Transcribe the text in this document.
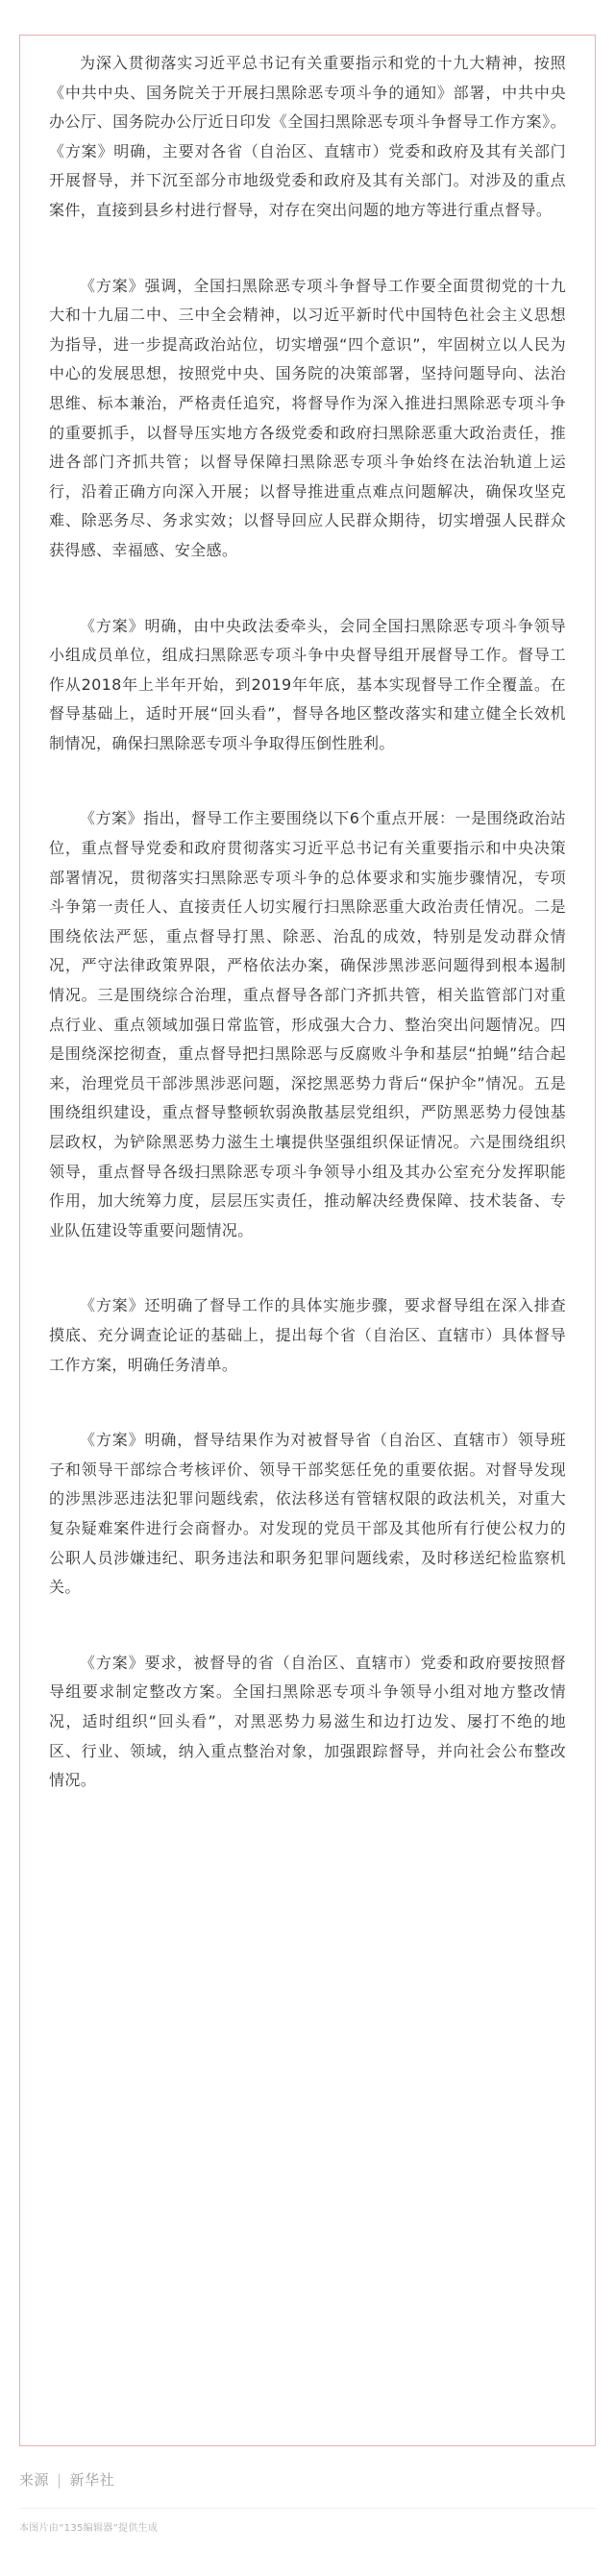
为深入贯彻落实习近平总书记有关重要指示和党的十九大精神，按照《中共中央、国务院关于开展扫黑除恶专项斗争的通知》部署，中共中央办公厅、国务院办公厅近日印发《全国扫黑除恶专项斗争督导工作方案》。《方案》明确，主要对各省（自治区、直辖市）党委和政府及其有关部门开展督导，并下沉至部分市地级党委和政府及其有关部门。对涉及的重点案件，直接到县乡村进行督导，对存在突出问题的地方等进行重点督导。

《方案》强调，全国扫黑除恶专项斗争督导工作要全面贯彻党的十九大和十九届二中、三中全会精神，以习近平新时代中国特色社会主义思想为指导，进一步提高政治站位，切实增强“四个意识”，牢固树立以人民为中心的发展思想，按照党中央、国务院的决策部署，坚持问题导向、法治思维、标本兼治，严格责任追究，将督导作为深入推进扫黑除恶专项斗争的重要抓手，以督导压实地方各级党委和政府扫黑除恶重大政治责任，推进各部门齐抓共管；以督导保障扫黑除恶专项斗争始终在法治轨道上运行，沿着正确方向深入开展；以督导推进重点难点问题解决，确保攻坚克难、除恶务尽、务求实效；以督导回应人民群众期待，切实增强人民群众获得感、幸福感、安全感。

《方案》明确，由中央政法委牵头，会同全国扫黑除恶专项斗争领导小组成员单位，组成扫黑除恶专项斗争中央督导组开展督导工作。督导工作从2018年上半年开始，到2019年年底，基本实现督导工作全覆盖。在督导基础上，适时开展“回头看”，督导各地区整改落实和建立健全长效机制情况，确保扫黑除恶专项斗争取得压倒性胜利。

《方案》指出，督导工作主要围绕以下6个重点开展：一是围绕政治站位，重点督导党委和政府贯彻落实习近平总书记有关重要指示和中央决策部署情况，贯彻落实扫黑除恶专项斗争的总体要求和实施步骤情况，专项斗争第一责任人、直接责任人切实履行扫黑除恶重大政治责任情况。二是围绕依法严惩，重点督导打黑、除恶、治乱的成效，特别是发动群众情况，严守法律政策界限，严格依法办案，确保涉黑涉恶问题得到根本遏制情况。三是围绕综合治理，重点督导各部门齐抓共管，相关监管部门对重点行业、重点领域加强日常监管，形成强大合力、整治突出问题情况。四是围绕深挖彻查，重点督导把扫黑除恶与反腐败斗争和基层“拍蝇”结合起来，治理党员干部涉黑涉恶问题，深挖黑恶势力背后“保护伞”情况。五是围绕组织建设，重点督导整顿软弱涣散基层党组织，严防黑恶势力侵蚀基层政权，为铲除黑恶势力滋生土壤提供坚强组织保证情况。六是围绕组织领导，重点督导各级扫黑除恶专项斗争领导小组及其办公室充分发挥职能作用，加大统筹力度，层层压实责任，推动解决经费保障、技术装备、专业队伍建设等重要问题情况。

《方案》还明确了督导工作的具体实施步骤，要求督导组在深入排查摸底、充分调查论证的基础上，提出每个省（自治区、直辖市）具体督导工作方案，明确任务清单。

《方案》明确，督导结果作为对被督导省（自治区、直辖市）领导班子和领导干部综合考核评价、领导干部奖惩任免的重要依据。对督导发现的涉黑涉恶违法犯罪问题线索，依法移送有管辖权限的政法机关，对重大复杂疑难案件进行会商督办。对发现的党员干部及其他所有行使公权力的公职人员涉嫌违纪、职务违法和职务犯罪问题线索，及时移送纪检监察机关。

《方案》要求，被督导的省（自治区、直辖市）党委和政府要按照督导组要求制定整改方案。全国扫黑除恶专项斗争领导小组对地方整改情况，适时组织“回头看”，对黑恶势力易滋生和边打边发、屡打不绝的地区、行业、领域，纳入重点整治对象，加强跟踪督导，并向社会公布整改情况。

来源 | 新华社
本图片由“135编辑器”提供生成
